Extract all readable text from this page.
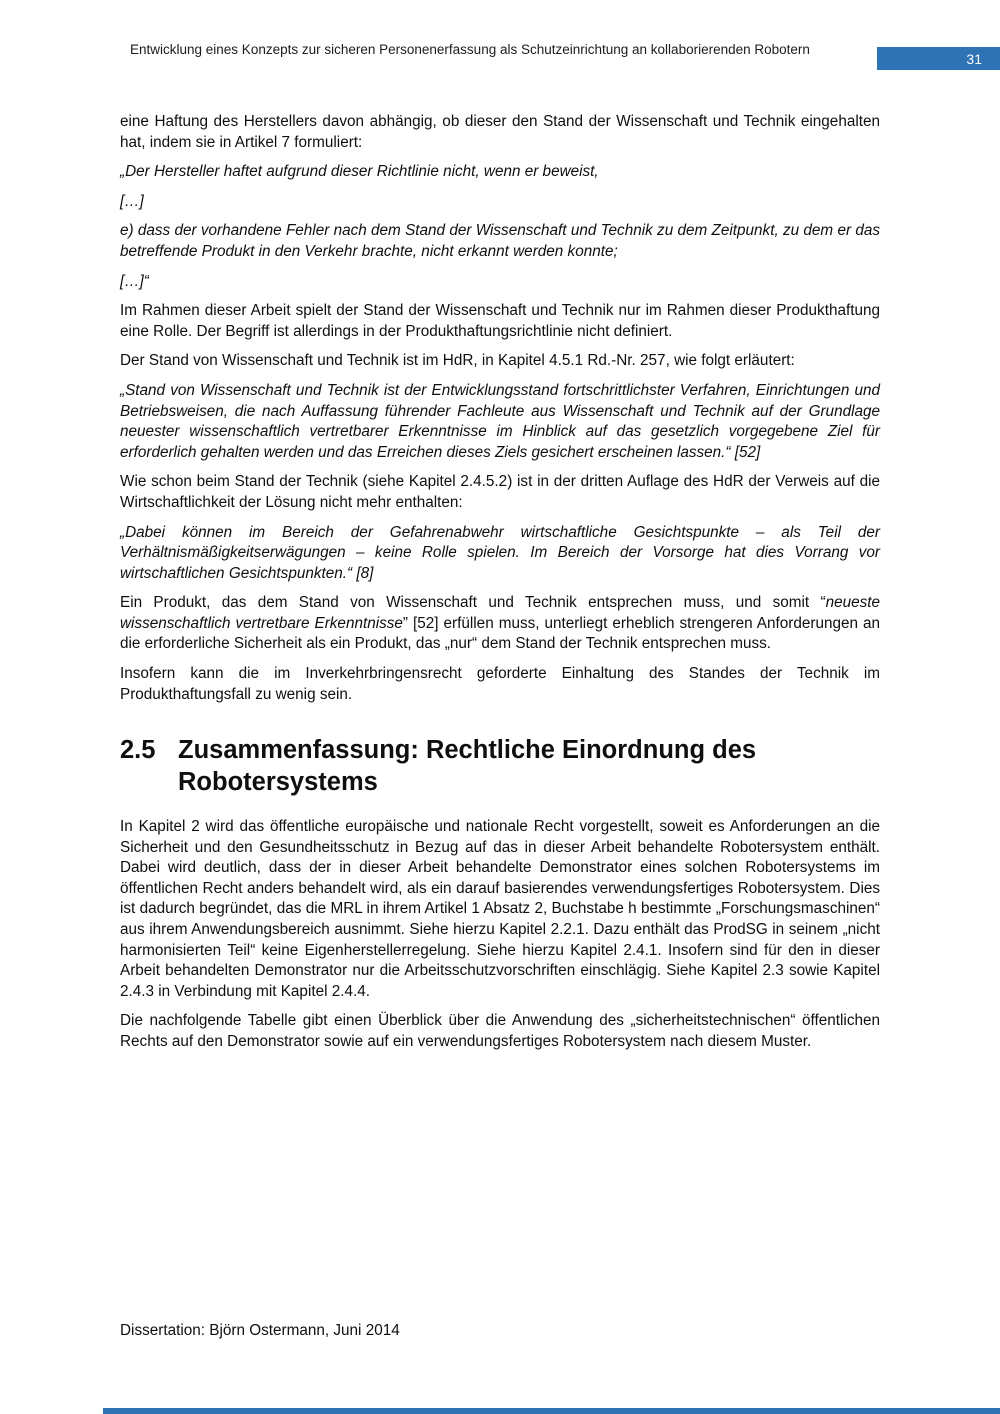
Entwicklung eines Konzepts zur sicheren Personenerfassung als Schutzeinrichtung an kollaborierenden Robotern
31

eine Haftung des Herstellers davon abhängig, ob dieser den Stand der Wissenschaft und Technik eingehalten hat, indem sie in Artikel 7 formuliert:

„Der Hersteller haftet aufgrund dieser Richtlinie nicht, wenn er beweist,

[…]

e) dass der vorhandene Fehler nach dem Stand der Wissenschaft und Technik zu dem Zeitpunkt, zu dem er das betreffende Produkt in den Verkehr brachte, nicht erkannt werden konnte;

[…]“

Im Rahmen dieser Arbeit spielt der Stand der Wissenschaft und Technik nur im Rahmen dieser Produkthaftung eine Rolle. Der Begriff ist allerdings in der Produkthaftungsrichtlinie nicht definiert.

Der Stand von Wissenschaft und Technik ist im HdR, in Kapitel 4.5.1 Rd.-Nr. 257, wie folgt erläutert:

„Stand von Wissenschaft und Technik ist der Entwicklungsstand fortschrittlichster Verfahren, Einrichtungen und Betriebsweisen, die nach Auffassung führender Fachleute aus Wissenschaft und Technik auf der Grundlage neuester wissenschaftlich vertretbarer Erkenntnisse im Hinblick auf das gesetzlich vorgegebene Ziel für erforderlich gehalten werden und das Erreichen dieses Ziels gesichert erscheinen lassen.“ [52]

Wie schon beim Stand der Technik (siehe Kapitel 2.4.5.2) ist in der dritten Auflage des HdR der Verweis auf die Wirtschaftlichkeit der Lösung nicht mehr enthalten:

„Dabei können im Bereich der Gefahrenabwehr wirtschaftliche Gesichtspunkte – als Teil der Verhältnismäßigkeitserwägungen – keine Rolle spielen. Im Bereich der Vorsorge hat dies Vorrang vor wirtschaftlichen Gesichtspunkten.“ [8]

Ein Produkt, das dem Stand von Wissenschaft und Technik entsprechen muss, und somit “neueste wissenschaftlich vertretbare Erkenntnisse” [52] erfüllen muss, unterliegt erheblich strengeren Anforderungen an die erforderliche Sicherheit als ein Produkt, das „nur“ dem Stand der Technik entsprechen muss.

Insofern kann die im Inverkehrbringensrecht geforderte Einhaltung des Standes der Technik im Produkthaftungsfall zu wenig sein.

2.5 Zusammenfassung: Rechtliche Einordnung des Robotersystems

In Kapitel 2 wird das öffentliche europäische und nationale Recht vorgestellt, soweit es Anforderungen an die Sicherheit und den Gesundheitsschutz in Bezug auf das in dieser Arbeit behandelte Robotersystem enthält. Dabei wird deutlich, dass der in dieser Arbeit behandelte Demonstrator eines solchen Robotersystems im öffentlichen Recht anders behandelt wird, als ein darauf basierendes verwendungsfertiges Robotersystem. Dies ist dadurch begründet, das die MRL in ihrem Artikel 1 Absatz 2, Buchstabe h bestimmte „Forschungsmaschinen“ aus ihrem Anwendungsbereich ausnimmt. Siehe hierzu Kapitel 2.2.1. Dazu enthält das ProdSG in seinem „nicht harmonisierten Teil“ keine Eigenherstellerregelung. Siehe hierzu Kapitel 2.4.1. Insofern sind für den in dieser Arbeit behandelten Demonstrator nur die Arbeitsschutzvorschriften einschlägig. Siehe Kapitel 2.3 sowie Kapitel 2.4.3 in Verbindung mit Kapitel 2.4.4.

Die nachfolgende Tabelle gibt einen Überblick über die Anwendung des „sicherheitstechnischen“ öffentlichen Rechts auf den Demonstrator sowie auf ein verwendungsfertiges Robotersystem nach diesem Muster.

Dissertation: Björn Ostermann, Juni 2014
